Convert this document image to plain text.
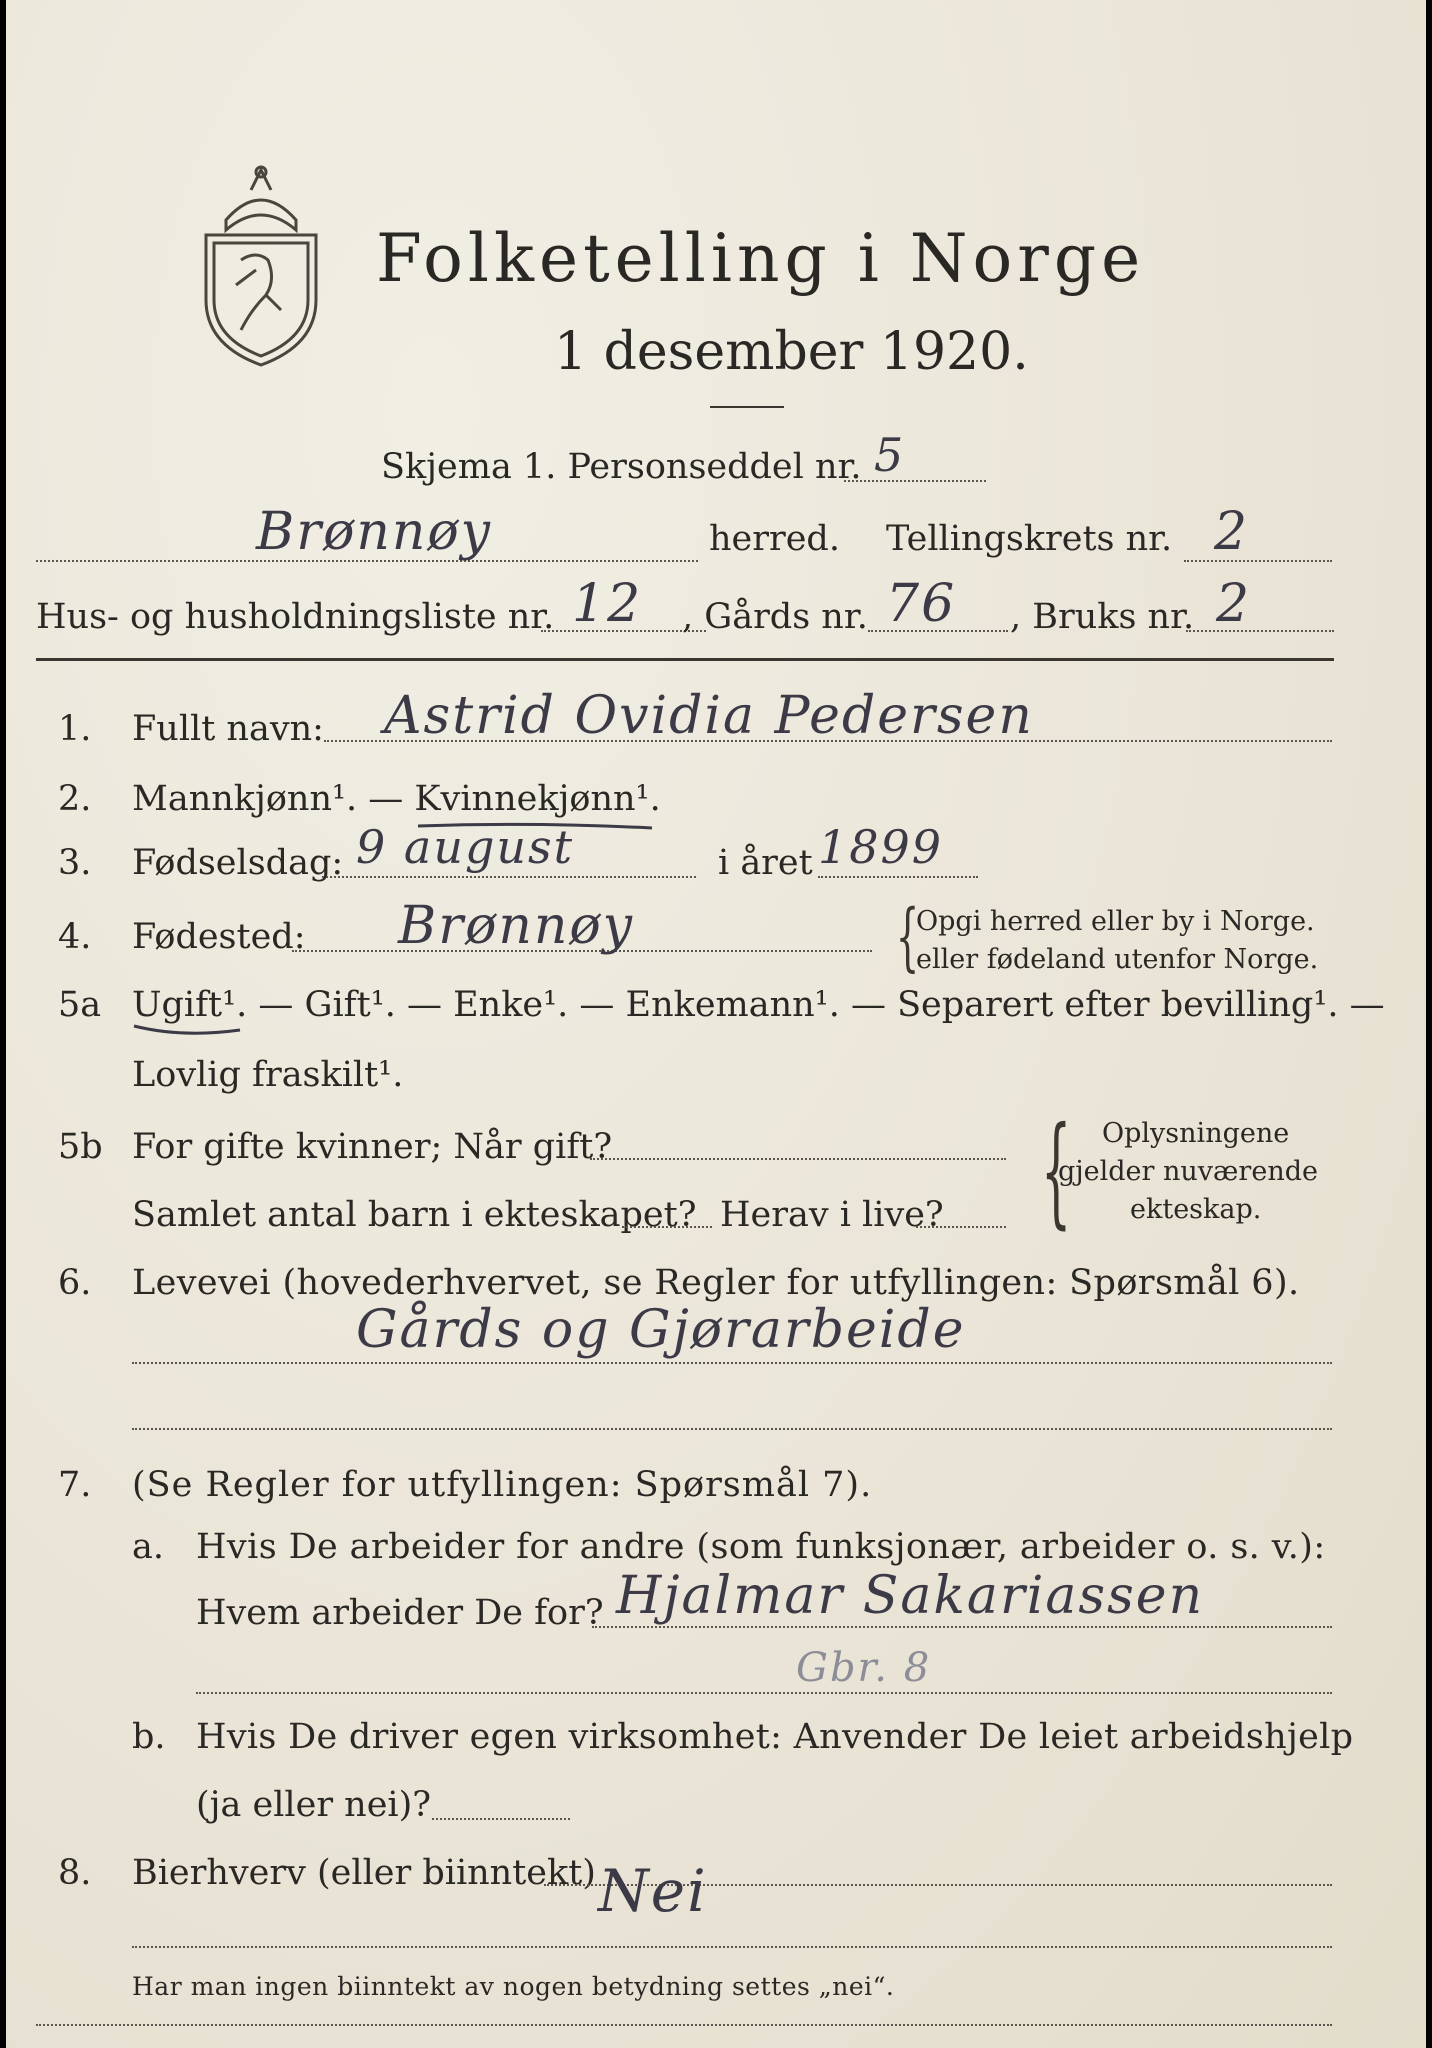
Folketelling i Norge
1 desember 1920.
Skjema 1. Personseddel nr. 5
Brønnøy	herred. Tellingskrets nr. 2
Hus- og husholdningsliste nr. 12 , Gårds nr. 76 , Bruks nr. 2
1. Fullt navn: Astrid Ovidia Pedersen
2. Mannkjønn¹. — Kvinnekjønn¹.
3. Fødselsdag: 9 august	i året 1899
4. Fødested: Brønnøy	{
Opgi herred eller by i Norge.
eller fødeland utenfor Norge.
5a Ugift¹. — Gift¹. — Enke¹. — Enkemann¹. — Separert efter bevilling¹. —
Lovlig fraskilt¹.
5b For gifte kvinner; Når gift?
Samlet antal barn i ekteskapet? Herav i live? { Oplysningene
gjelder nuværende
ekteskap.
6. Levevei (hovederhvervet, se Regler for utfyllingen: Spørsmål 6).
Gårds og Gjørarbeide
7. (Se Regler for utfyllingen: Spørsmål 7).
a. Hvis De arbeider for andre (som funksjonær, arbeider o. s. v.):
Hvem arbeider De for? Hjalmar Sakariassen
Gbr. 8
b. Hvis De driver egen virksomhet: Anvender De leiet arbeidshjelp
(ja eller nei)?
8. Bierhverv (eller biinntekt) Nei
Har man ingen biinntekt av nogen betydning settes „nei“.
